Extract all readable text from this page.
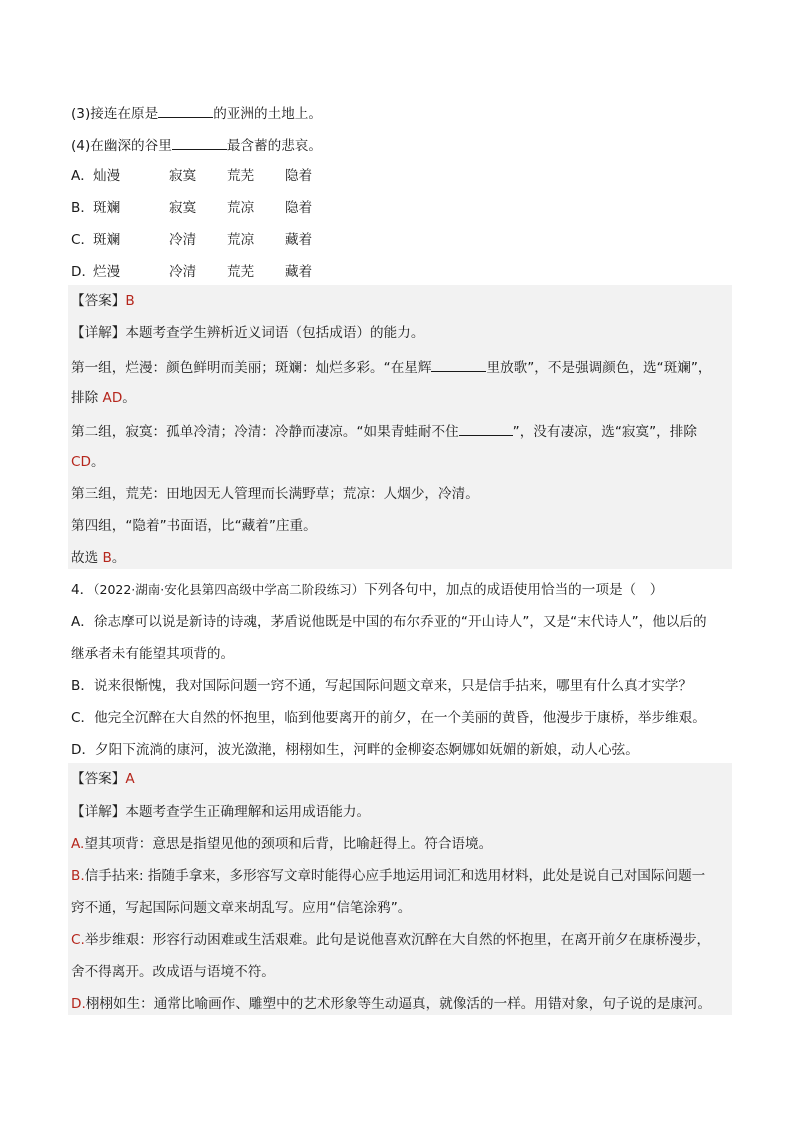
(3)接连在原是	的亚洲的土地上。
(4)在幽深的谷里	最含蓄的悲哀。
A．灿漫	寂寞 荒芜 隐着
B．斑斓	寂寞 荒凉 隐着
C．斑斓	冷清 荒凉 藏着
D．烂漫	冷清 荒芜 藏着
【答案】B
【详解】本题考查学生辨析近义词语（包括成语）的能力。
第一组，烂漫：颜色鲜明而美丽；斑斓：灿烂多彩。“在星辉	里放歌”，不是强调颜色，选“斑斓”，
排除 AD。
第二组，寂寞：孤单冷清；冷清：冷静而凄凉。“如果青蛙耐不住	”，没有凄凉，选“寂寞”，排除
CD。
第三组，荒芜：田地因无人管理而长满野草；荒凉：人烟少，冷清。
第四组，“隐着”书面语，比“藏着”庄重。
故选 B。
4．（2022·湖南·安化县第四高级中学高二阶段练习）下列各句中，加点的成语使用恰当的一项是（　）
A．徐志摩可以说是新诗的诗魂，茅盾说他既是中国的布尔乔亚的“开山诗人”，又是“末代诗人”，他以后的
继承者未有能望其项背的。
B．说来很惭愧，我对国际问题一窍不通，写起国际问题文章来，只是信手拈来，哪里有什么真才实学？
C．他完全沉醉在大自然的怀抱里，临到他要离开的前夕，在一个美丽的黄昏，他漫步于康桥，举步维艰。
D．夕阳下流淌的康河，波光潋滟，栩栩如生，河畔的金柳姿态婀娜如妩媚的新娘，动人心弦。
【答案】A
【详解】本题考查学生正确理解和运用成语能力。
A.望其项背：意思是指望见他的颈项和后背，比喻赶得上。符合语境。
B.信手拈来: 指随手拿来，多形容写文章时能得心应手地运用词汇和选用材料，此处是说自己对国际问题一
窍不通，写起国际问题文章来胡乱写。应用“信笔涂鸦”。
C.举步维艰：形容行动困难或生活艰难。此句是说他喜欢沉醉在大自然的怀抱里，在离开前夕在康桥漫步，
舍不得离开。改成语与语境不符。
D.栩栩如生：通常比喻画作、雕塑中的艺术形象等生动逼真，就像活的一样。用错对象，句子说的是康河。
